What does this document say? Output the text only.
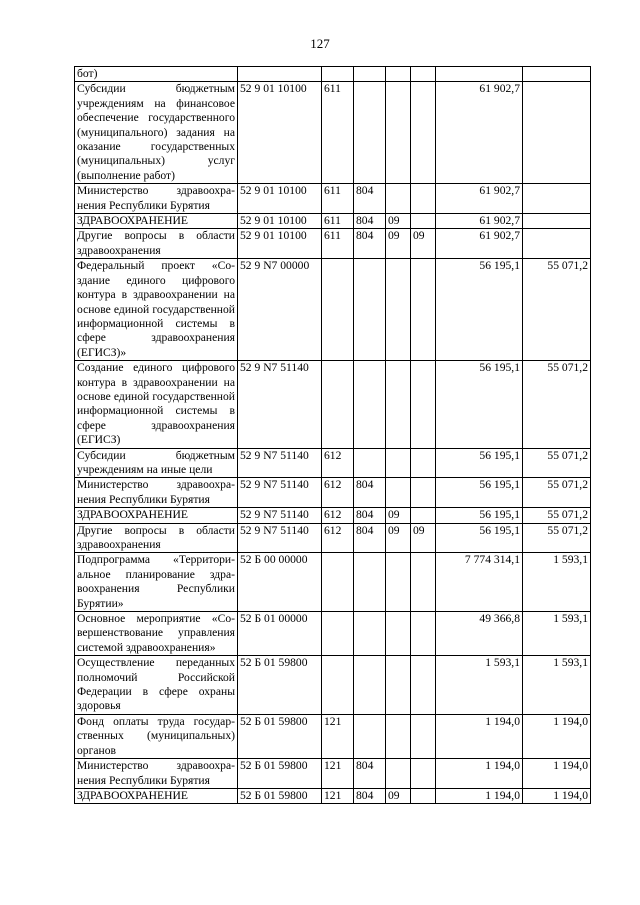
127
бот)							
Субсидии бюджетным учреждениям на финансовое обеспечение государственного (муниципального) задания на оказание государственных (муниципальных) услуг (выполнение работ)	52 9 01 10100	611				61 902,7	
Министерство здравоохранения Республики Бурятия	52 9 01 10100	611	804			61 902,7	
ЗДРАВООХРАНЕНИЕ	52 9 01 10100	611	804	09		61 902,7	
Другие вопросы в области здравоохранения	52 9 01 10100	611	804	09	09	61 902,7	
Федеральный проект «Создание единого цифрового контура в здравоохранении на основе единой государственной информационной системы в сфере здравоохранения (ЕГИСЗ)»	52 9 N7 00000					56 195,1	55 071,2
Создание единого цифрового контура в здравоохранении на основе единой государственной информационной системы в сфере здравоохранения (ЕГИСЗ)	52 9 N7 51140					56 195,1	55 071,2
Субсидии бюджетным учреждениям на иные цели	52 9 N7 51140	612				56 195,1	55 071,2
Министерство здравоохранения Республики Бурятия	52 9 N7 51140	612	804			56 195,1	55 071,2
ЗДРАВООХРАНЕНИЕ	52 9 N7 51140	612	804	09		56 195,1	55 071,2
Другие вопросы в области здравоохранения	52 9 N7 51140	612	804	09	09	56 195,1	55 071,2
Подпрограмма «Территориальное планирование здравоохранения Республики Бурятии»	52 Б 00 00000					7 774 314,1	1 593,1
Основное мероприятие «Совершенствование управления системой здравоохранения»	52 Б 01 00000					49 366,8	1 593,1
Осуществление переданных полномочий Российской Федерации в сфере охраны здоровья	52 Б 01 59800					1 593,1	1 593,1
Фонд оплаты труда государственных (муниципальных) органов	52 Б 01 59800	121				1 194,0	1 194,0
Министерство здравоохранения Республики Бурятия	52 Б 01 59800	121	804			1 194,0	1 194,0
ЗДРАВООХРАНЕНИЕ	52 Б 01 59800	121	804	09		1 194,0	1 194,0
